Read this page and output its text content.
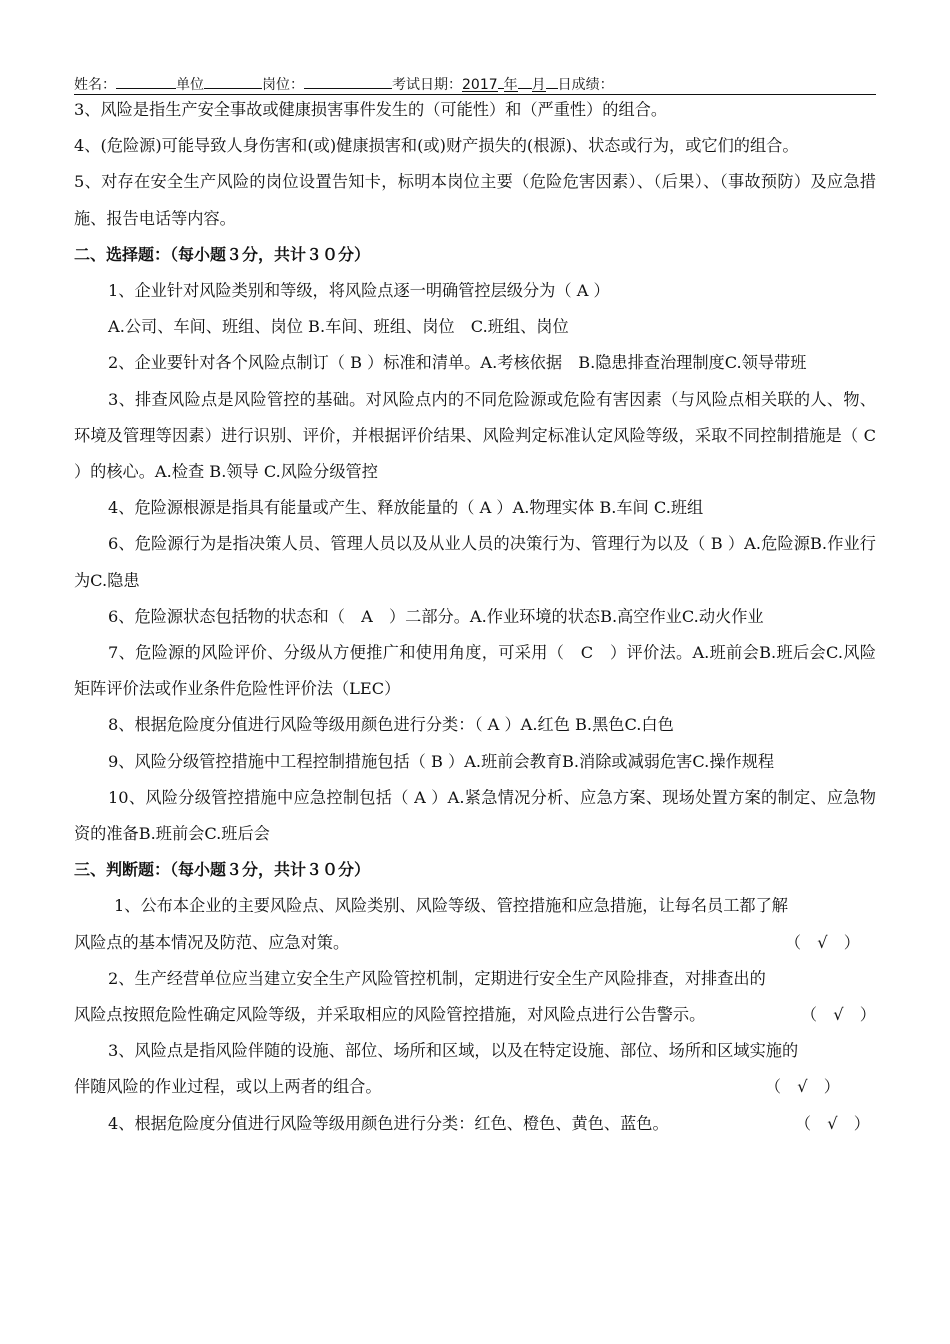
姓名：	单位	岗位：	考试日期：2017 年 月 日成绩：

3、风险是指生产安全事故或健康损害事件发生的（可能性）和（严重性）的组合。

4、(危险源)可能导致人身伤害和(或)健康损害和(或)财产损失的(根源)、状态或行为，或它们的组合。

5、对存在安全生产风险的岗位设置告知卡，标明本岗位主要（危险危害因素）、（后果）、（事故预防）及应急措施、报告电话等内容。

二、选择题：（每小题３分，共计３０分）

1、企业针对风险类别和等级，将风险点逐一明确管控层级分为（ A ）

A.公司、车间、班组、岗位 B.车间、班组、岗位　C.班组、岗位

2、企业要针对各个风险点制订（ B ）标准和清单。A.考核依据　B.隐患排查治理制度C.领导带班

3、排查风险点是风险管控的基础。对风险点内的不同危险源或危险有害因素（与风险点相关联的人、物、环境及管理等因素）进行识别、评价，并根据评价结果、风险判定标准认定风险等级，采取不同控制措施是（ C ）的核心。A.检查 B.领导 C.风险分级管控

4、危险源根源是指具有能量或产生、释放能量的（ A ）A.物理实体 B.车间 C.班组

6、危险源行为是指决策人员、管理人员以及从业人员的决策行为、管理行为以及（ B ）A.危险源B.作业行为C.隐患

6、危险源状态包括物的状态和（　A　）二部分。A.作业环境的状态B.高空作业C.动火作业

7、危险源的风险评价、分级从方便推广和使用角度，可采用（　C　）评价法。A.班前会B.班后会C.风险矩阵评价法或作业条件危险性评价法（LEC）

8、根据危险度分值进行风险等级用颜色进行分类：（ A ）A.红色 B.黑色C.白色

9、风险分级管控措施中工程控制措施包括（ B ）A.班前会教育B.消除或减弱危害C.操作规程

10、风险分级管控措施中应急控制包括（ A ）A.紧急情况分析、应急方案、现场处置方案的制定、应急物资的准备B.班前会C.班后会

三、判断题：（每小题３分，共计３０分）

1、公布本企业的主要风险点、风险类别、风险等级、管控措施和应急措施，让每名员工都了解

风险点的基本情况及防范、应急对策。	（　√　）

2、生产经营单位应当建立安全生产风险管控机制，定期进行安全生产风险排查，对排查出的

风险点按照危险性确定风险等级，并采取相应的风险管控措施，对风险点进行公告警示。	（　√　）

3、风险点是指风险伴随的设施、部位、场所和区域，以及在特定设施、部位、场所和区域实施的

伴随风险的作业过程，或以上两者的组合。	（　√　）
4、根据危险度分值进行风险等级用颜色进行分类：红色、橙色、黄色、蓝色。	（　√　）
